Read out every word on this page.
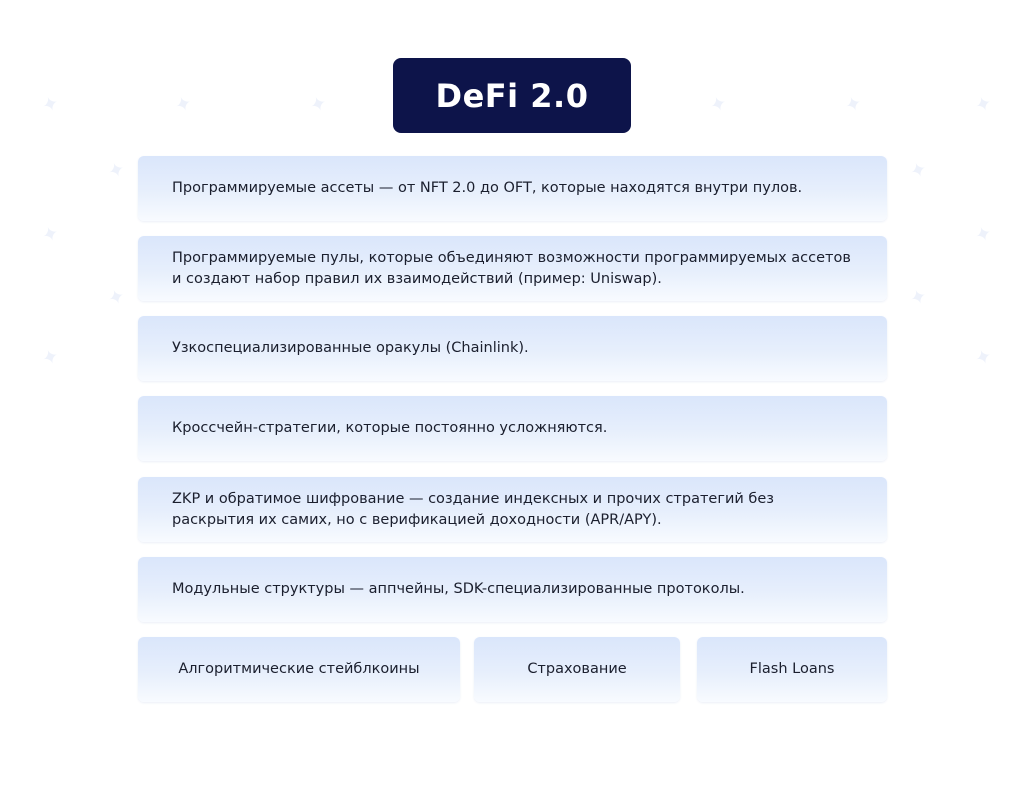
✦	✦	✦	✦	✦	✦
✦	✦
✦	✦
✦	✦
✦	✦
DeFi 2.0
Программируемые ассеты — от NFT 2.0 до OFT, которые находятся внутри пулов.
Программируемые пулы, которые объединяют возможности программируемых ассетов и создают набор правил их взаимодействий (пример: Uniswap).
Узкоспециализированные оракулы (Chainlink).
Кроссчейн-стратегии, которые постоянно усложняются.
ZKP и обратимое шифрование — создание индексных и прочих стратегий без раскрытия их самих, но с верификацией доходности (APR/APY).
Модульные структуры — аппчейны, SDK-специализированные протоколы.
Алгоритмические стейблкоины	Страхование	Flash Loans
